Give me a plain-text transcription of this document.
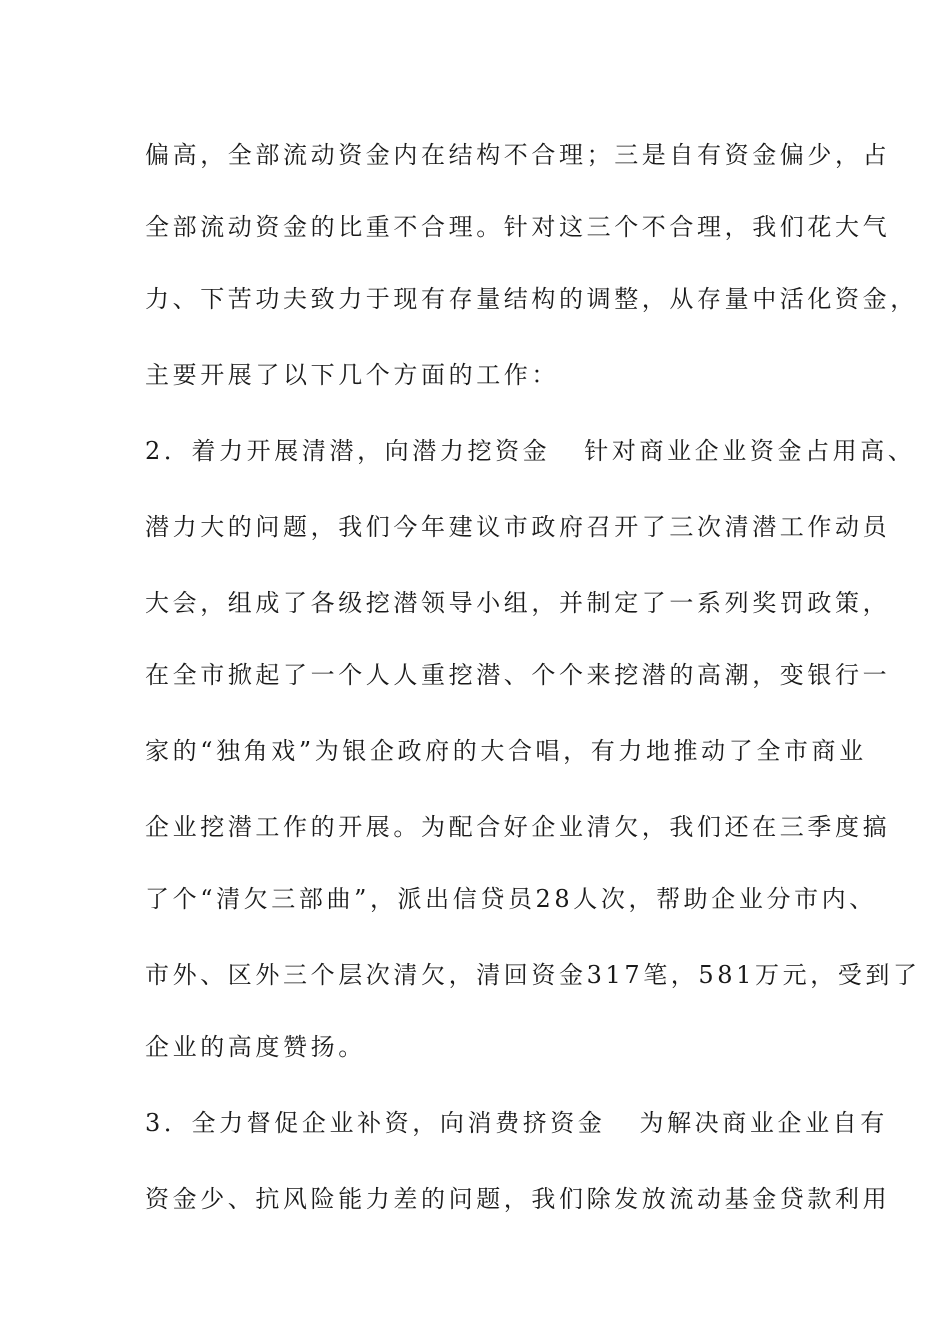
偏高，全部流动资金内在结构不合理；三是自有资金偏少，占
全部流动资金的比重不合理。针对这三个不合理，我们花大气
力、下苦功夫致力于现有存量结构的调整，从存量中活化资金，
主要开展了以下几个方面的工作：
2．着力开展清潜，向潜力挖资金 针对商业企业资金占用高、
潜力大的问题，我们今年建议市政府召开了三次清潜工作动员
大会，组成了各级挖潜领导小组，并制定了一系列奖罚政策，
在全市掀起了一个人人重挖潜、个个来挖潜的高潮，变银行一
家的“独角戏”为银企政府的大合唱，有力地推动了全市商业
企业挖潜工作的开展。为配合好企业清欠，我们还在三季度搞
了个“清欠三部曲”，派出信贷员28人次，帮助企业分市内、
市外、区外三个层次清欠，清回资金317笔，581万元，受到了
企业的高度赞扬。
3．全力督促企业补资，向消费挤资金 为解决商业企业自有
资金少、抗风险能力差的问题，我们除发放流动基金贷款利用
